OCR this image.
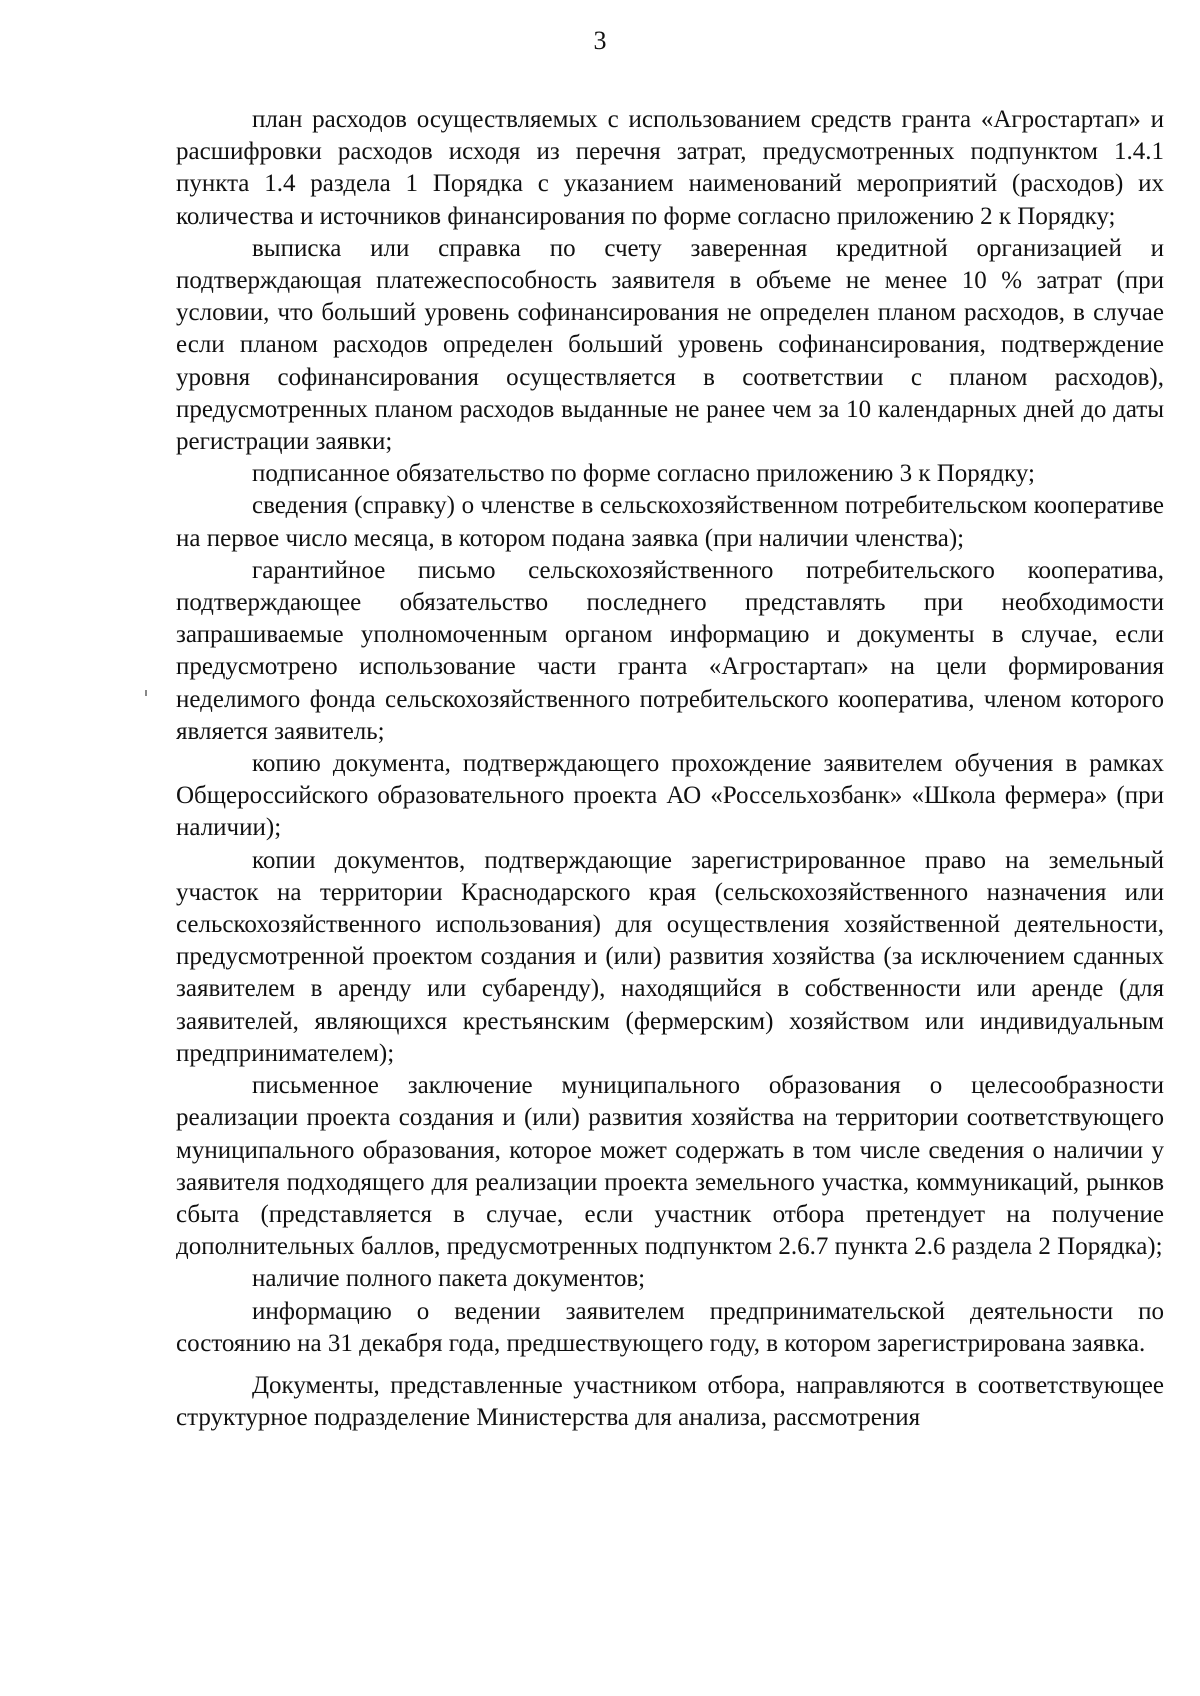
3

план расходов осуществляемых с использованием средств гранта «Агростартап» и расшифровки расходов исходя из перечня затрат, предусмотренных подпунктом 1.4.1 пункта 1.4 раздела 1 Порядка с указанием наименований мероприятий (расходов) их количества и источников финансирования по форме согласно приложению 2 к Порядку;

выписка или справка по счету заверенная кредитной организацией и подтверждающая платежеспособность заявителя в объеме не менее 10 % затрат (при условии, что больший уровень софинансирования не определен планом расходов, в случае если планом расходов определен больший уровень софинансирования, подтверждение уровня софинансирования осуществляется в соответствии с планом расходов), предусмотренных планом расходов выданные не ранее чем за 10 календарных дней до даты регистрации заявки;

подписанное обязательство по форме согласно приложению 3 к Порядку;

сведения (справку) о членстве в сельскохозяйственном потребительском кооперативе на первое число месяца, в котором подана заявка (при наличии членства);

гарантийное письмо сельскохозяйственного потребительского кооператива, подтверждающее обязательство последнего представлять при необходимости запрашиваемые уполномоченным органом информацию и документы в случае, если предусмотрено использование части гранта «Агростартап» на цели формирования неделимого фонда сельскохозяйственного потребительского кооператива, членом которого является заявитель;

копию документа, подтверждающего прохождение заявителем обучения в рамках Общероссийского образовательного проекта АО «Россельхозбанк» «Школа фермера» (при наличии);

копии документов, подтверждающие зарегистрированное право на земельный участок на территории Краснодарского края (сельскохозяйственного назначения или сельскохозяйственного использования) для осуществления хозяйственной деятельности, предусмотренной проектом создания и (или) развития хозяйства (за исключением сданных заявителем в аренду или субаренду), находящийся в собственности или аренде (для заявителей, являющихся крестьянским (фермерским) хозяйством или индивидуальным предпринимателем);

письменное заключение муниципального образования о целесообразности реализации проекта создания и (или) развития хозяйства на территории соответствующего муниципального образования, которое может содержать в том числе сведения о наличии у заявителя подходящего для реализации проекта земельного участка, коммуникаций, рынков сбыта (представляется в случае, если участник отбора претендует на получение дополнительных баллов, предусмотренных подпунктом 2.6.7 пункта 2.6 раздела 2 Порядка);

наличие полного пакета документов;

информацию о ведении заявителем предпринимательской деятельности по состоянию на 31 декабря года, предшествующего году, в котором зарегистрирована заявка.

Документы, представленные участником отбора, направляются в соответствующее структурное подразделение Министерства для анализа, рассмотрения
